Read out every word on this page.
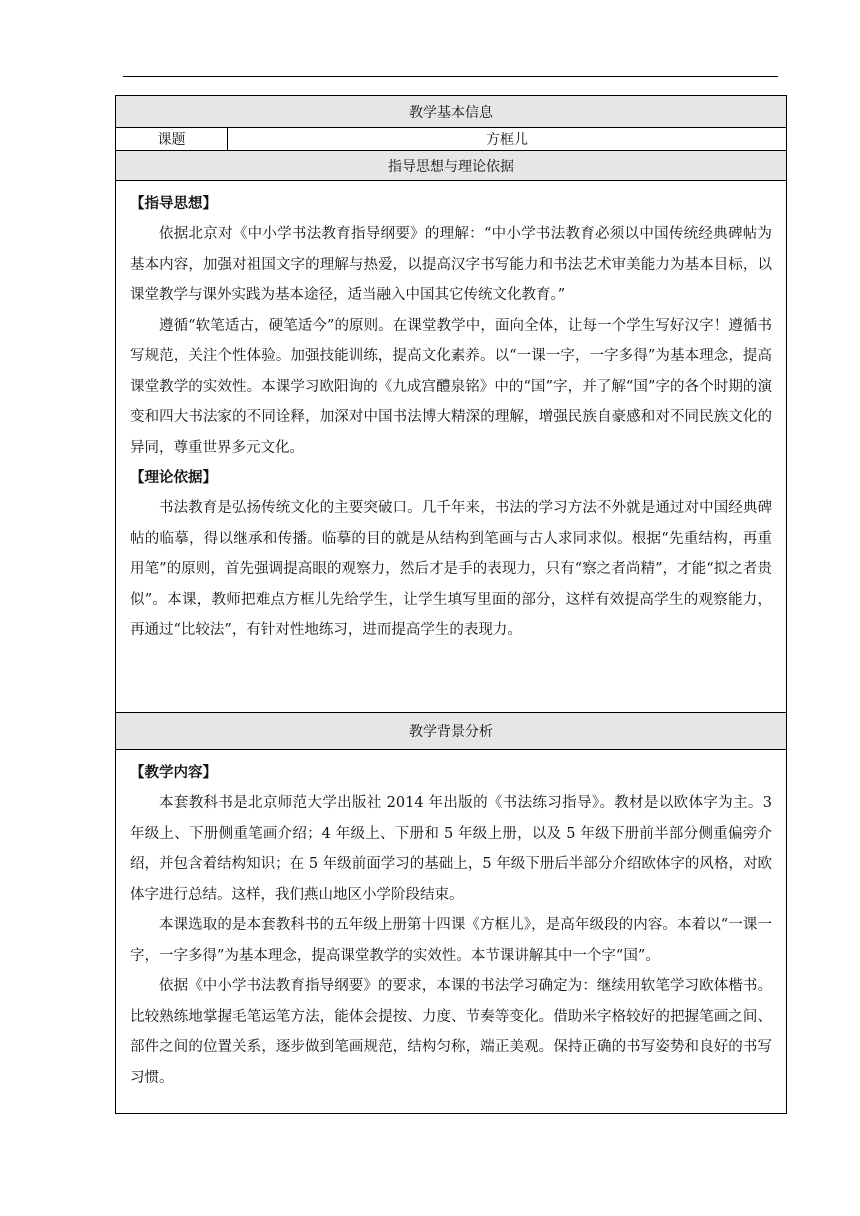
教学基本信息
课题	方框儿
指导思想与理论依据

【指导思想】

依据北京对《中小学书法教育指导纲要》的理解：“中小学书法教育必须以中国传统经典碑帖为基本内容，加强对祖国文字的理解与热爱，以提高汉字书写能力和书法艺术审美能力为基本目标，以课堂教学与课外实践为基本途径，适当融入中国其它传统文化教育。”

遵循“软笔适古，硬笔适今”的原则。在课堂教学中，面向全体，让每一个学生写好汉字！遵循书写规范，关注个性体验。加强技能训练，提高文化素养。以“一课一字，一字多得”为基本理念，提高课堂教学的实效性。本课学习欧阳询的《九成宫醴泉铭》中的“国”字，并了解“国”字的各个时期的演变和四大书法家的不同诠释，加深对中国书法博大精深的理解，增强民族自豪感和对不同民族文化的异同，尊重世界多元文化。

【理论依据】

书法教育是弘扬传统文化的主要突破口。几千年来，书法的学习方法不外就是通过对中国经典碑帖的临摹，得以继承和传播。临摹的目的就是从结构到笔画与古人求同求似。根据“先重结构，再重用笔”的原则，首先强调提高眼的观察力，然后才是手的表现力，只有“察之者尚精”，才能“拟之者贵似”。本课，教师把难点方框儿先给学生，让学生填写里面的部分，这样有效提高学生的观察能力，再通过“比较法”，有针对性地练习，进而提高学生的表现力。

教学背景分析

【教学内容】

本套教科书是北京师范大学出版社 2014 年出版的《书法练习指导》。教材是以欧体字为主。3 年级上、下册侧重笔画介绍；4 年级上、下册和 5 年级上册，以及 5 年级下册前半部分侧重偏旁介绍，并包含着结构知识；在 5 年级前面学习的基础上，5 年级下册后半部分介绍欧体字的风格，对欧体字进行总结。这样，我们燕山地区小学阶段结束。

本课选取的是本套教科书的五年级上册第十四课《方框儿》，是高年级段的内容。本着以“一课一字，一字多得”为基本理念，提高课堂教学的实效性。本节课讲解其中一个字“国”。

依据《中小学书法教育指导纲要》的要求，本课的书法学习确定为：继续用软笔学习欧体楷书。比较熟练地掌握毛笔运笔方法，能体会提按、力度、节奏等变化。借助米字格较好的把握笔画之间、部件之间的位置关系，逐步做到笔画规范，结构匀称，端正美观。保持正确的书写姿势和良好的书写习惯。
